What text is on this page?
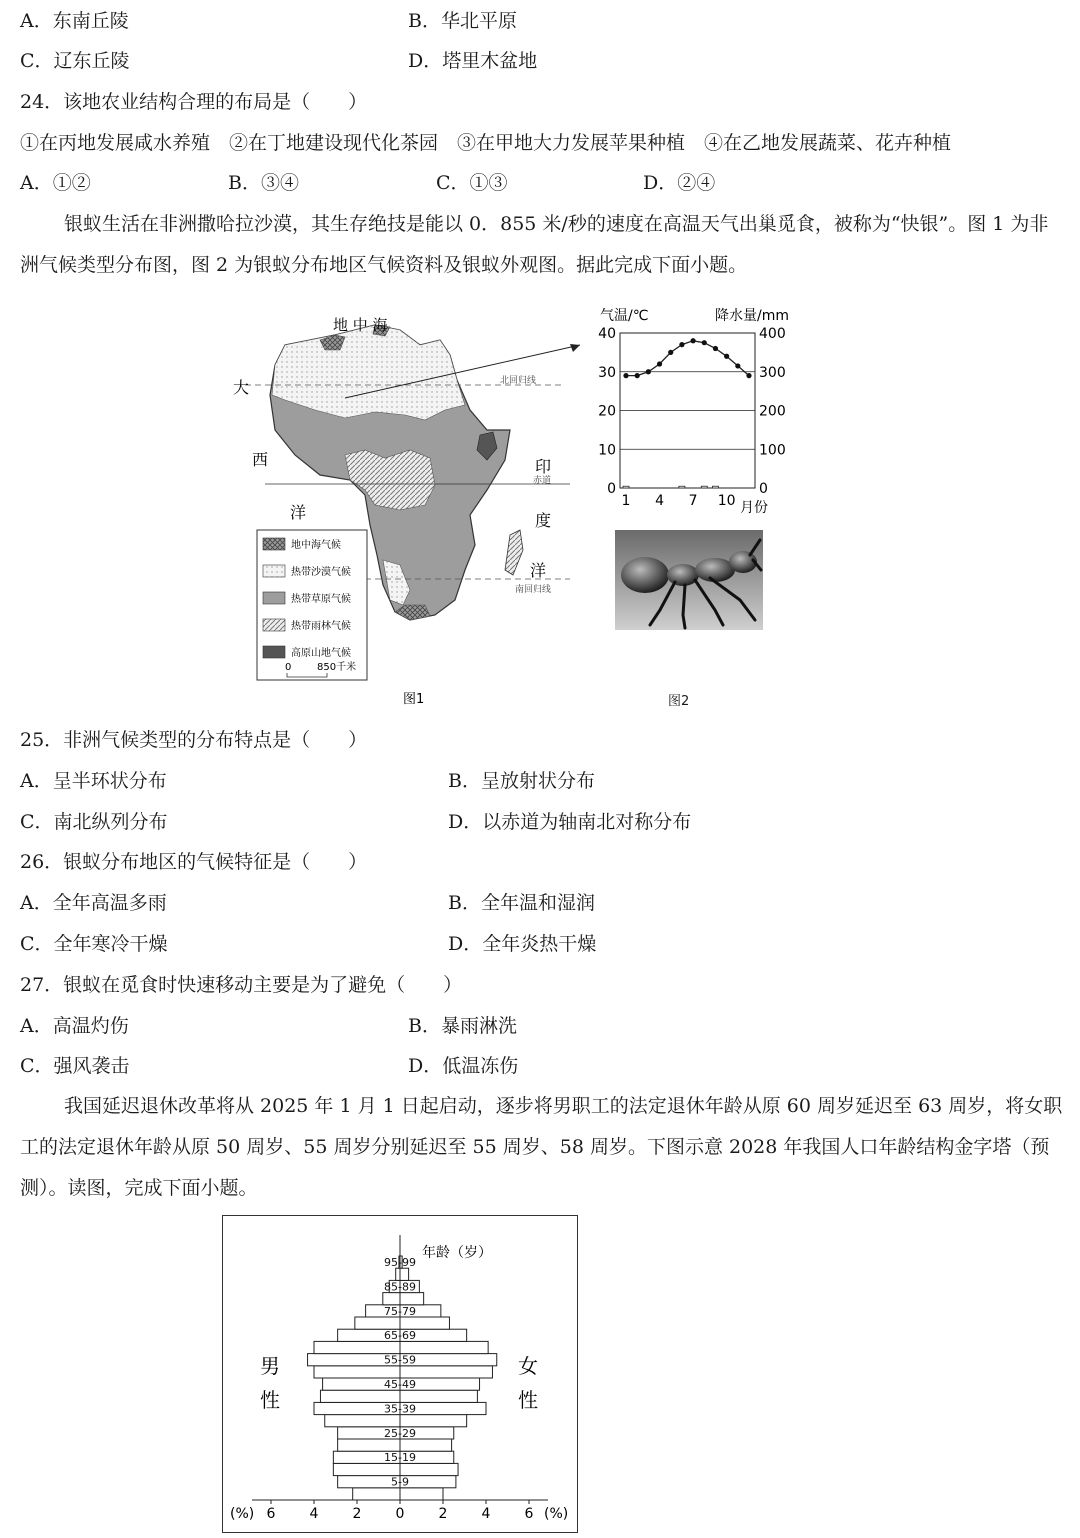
A．东南丘陵	B．华北平原
C．辽东丘陵	D．塔里木盆地
24．该地农业结构合理的布局是（　　）
①在丙地发展咸水养殖　②在丁地建设现代化茶园　③在甲地大力发展苹果种植　④在乙地发展蔬菜、花卉种植
A．①②	B．③④	C．①③	D．②④
银蚁生活在非洲撒哈拉沙漠，其生存绝技是能以 0．855 米/秒的速度在高温天气出巢觅食，被称为“快银”。图 1 为非洲气候类型分布图，图 2 为银蚁分布地区气候资料及银蚁外观图。据此完成下面小题。
地 中 海
大
西
洋
印
度
洋
北回归线
赤道
南回归线
地中海气候
热带沙漠气候
热带草原气候
热带雨林气候
高原山地气候
0	850千米
图1
气温/℃	降水量/mm
0
10
20
30
40
0
100
200
300
400
1 4 7 10 月份
图2
25．非洲气候类型的分布特点是（　　）
A．呈半环状分布	B．呈放射状分布
C．南北纵列分布	D．以赤道为轴南北对称分布
26．银蚁分布地区的气候特征是（　　）
A．全年高温多雨	B．全年温和湿润
C．全年寒冷干燥	D．全年炎热干燥
27．银蚁在觅食时快速移动主要是为了避免（　　）
A．高温灼伤	B．暴雨淋洗
C．强风袭击	D．低温冻伤
我国延迟退休改革将从 2025 年 1 月 1 日起启动，逐步将男职工的法定退休年龄从原 60 周岁延迟至 63 周岁，将女职工的法定退休年龄从原 50 周岁、55 周岁分别延迟至 55 周岁、58 周岁。下图示意 2028 年我国人口年龄结构金字塔（预测）。读图，完成下面小题。
5-9
15-19
25-29
35-39
45-49
55-59
65-69
75-79
85-89
95-99
6 4 2 0 2 4 6
年龄（岁）
男
性
女
性
(%)	(%)
